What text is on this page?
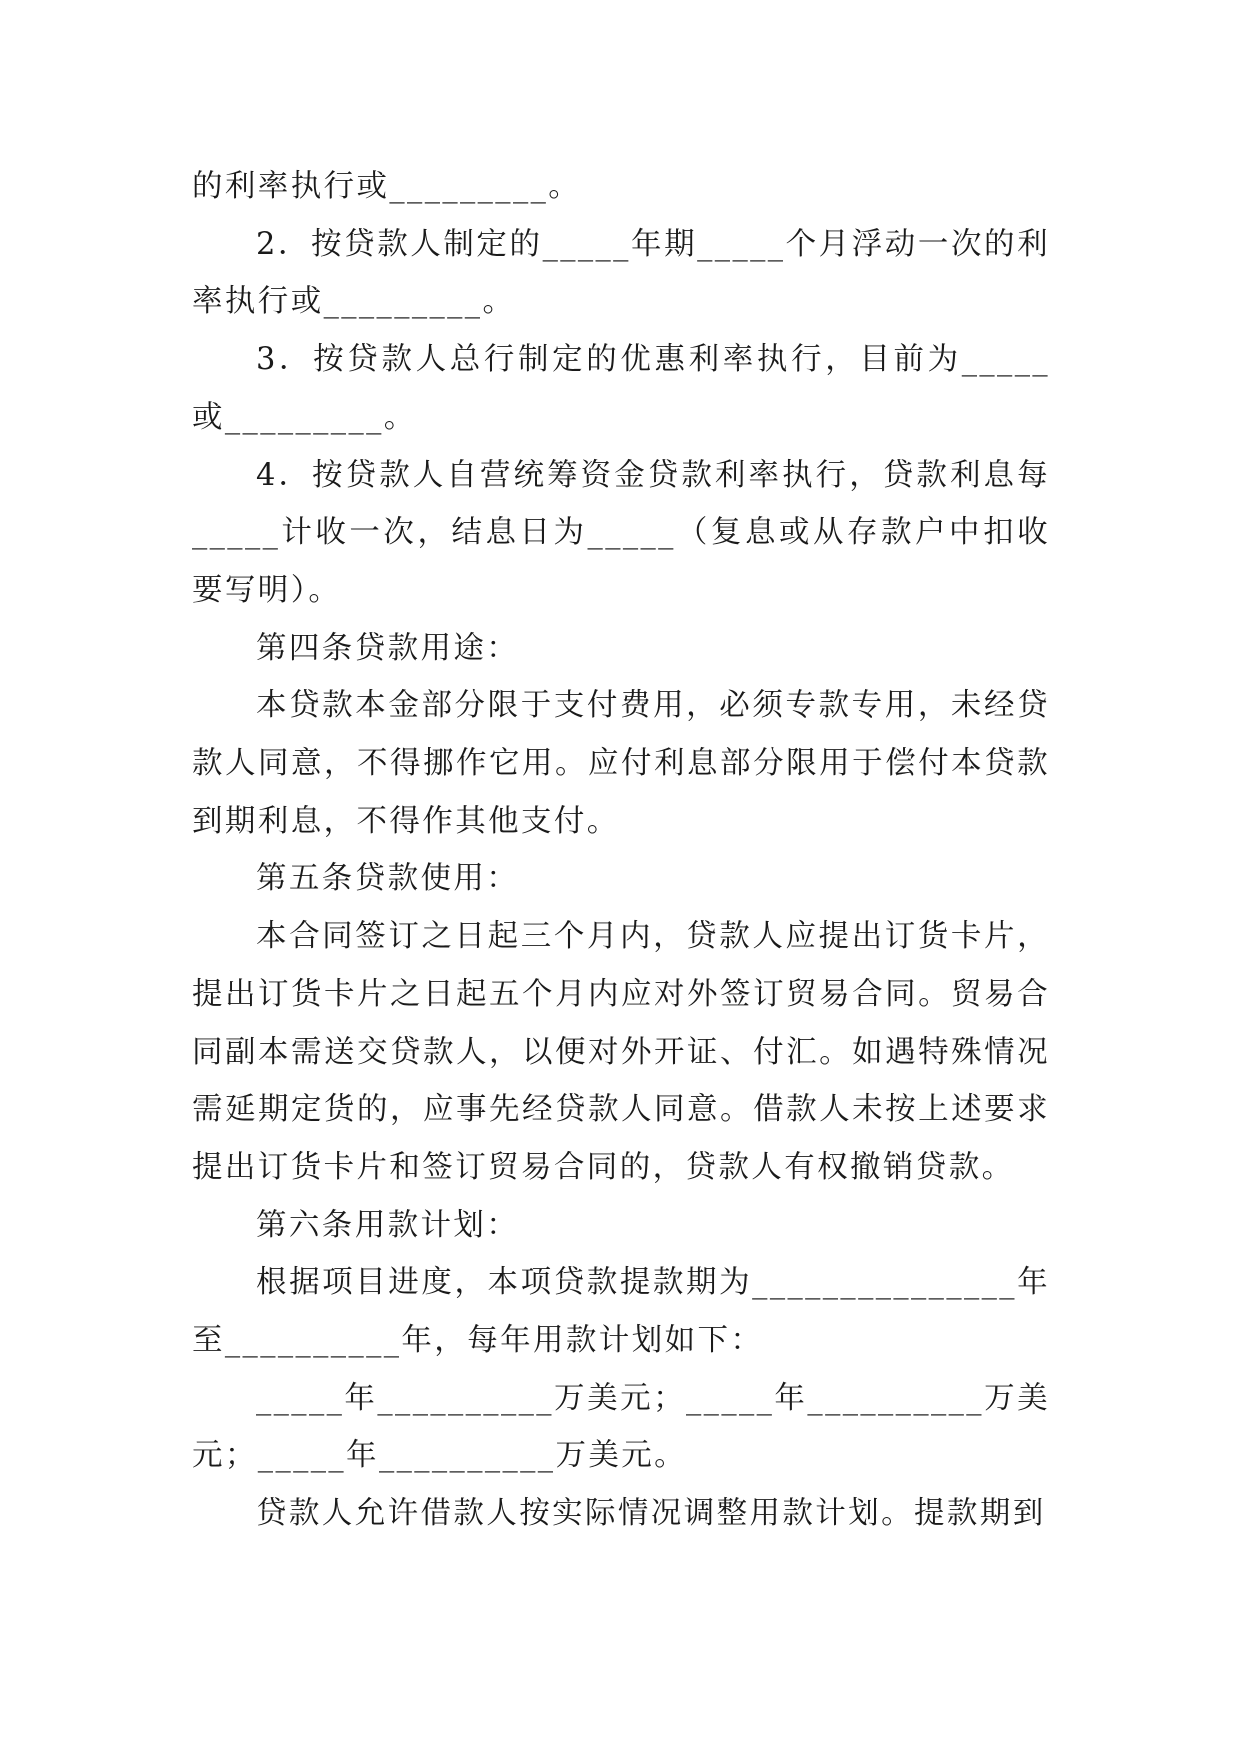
的利率执行或_________。

2．按贷款人制定的_____年期_____个月浮动一次的利率执行或_________。

3．按贷款人总行制定的优惠利率执行，目前为_____或_________。

4．按贷款人自营统筹资金贷款利率执行，贷款利息每_____计收一次，结息日为_____（复息或从存款户中扣收要写明）。

第四条贷款用途：

本贷款本金部分限于支付费用，必须专款专用，未经贷款人同意，不得挪作它用。应付利息部分限用于偿付本贷款到期利息，不得作其他支付。

第五条贷款使用：

本合同签订之日起三个月内，贷款人应提出订货卡片，提出订货卡片之日起五个月内应对外签订贸易合同。贸易合同副本需送交贷款人，以便对外开证、付汇。如遇特殊情况需延期定货的，应事先经贷款人同意。借款人未按上述要求提出订货卡片和签订贸易合同的，贷款人有权撤销贷款。

第六条用款计划：

根据项目进度，本项贷款提款期为_______________年至__________年，每年用款计划如下：

_____年__________万美元；_____年__________万美元；_____年__________万美元。

贷款人允许借款人按实际情况调整用款计划。提款期到
